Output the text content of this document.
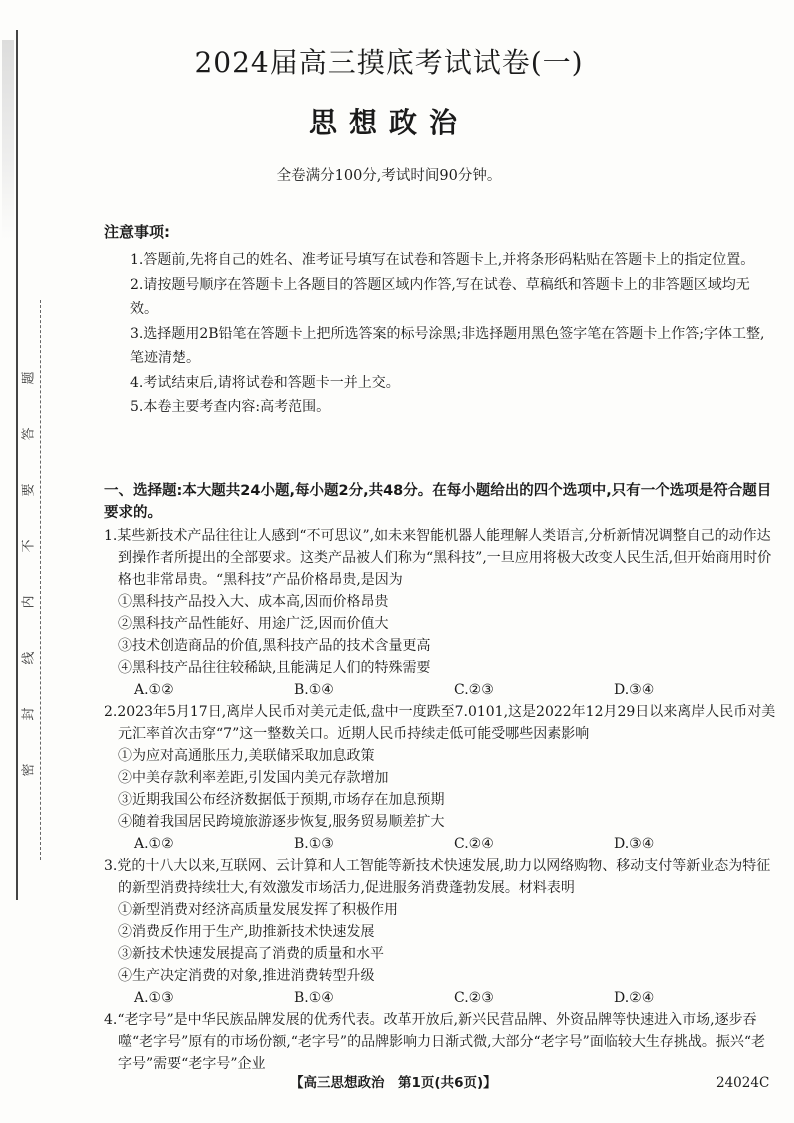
题
答
要
不
内
线
封
密
2024届高三摸底考试试卷(一)
思想政治
全卷满分100分,考试时间90分钟。
注意事项:
1.答题前,先将自己的姓名、准考证号填写在试卷和答题卡上,并将条形码粘贴在答题卡上的指定位置。
2.请按题号顺序在答题卡上各题目的答题区域内作答,写在试卷、草稿纸和答题卡上的非答题区域均无效。
3.选择题用2B铅笔在答题卡上把所选答案的标号涂黑;非选择题用黑色签字笔在答题卡上作答;字体工整,笔迹清楚。
4.考试结束后,请将试卷和答题卡一并上交。
5.本卷主要考查内容:高考范围。
一、选择题:本大题共24小题,每小题2分,共48分。在每小题给出的四个选项中,只有一个选项是符合题目要求的。
1.某些新技术产品往往让人感到“不可思议”,如未来智能机器人能理解人类语言,分析新情况调整自己的动作达到操作者所提出的全部要求。这类产品被人们称为“黑科技”,一旦应用将极大改变人民生活,但开始商用时价格也非常昂贵。“黑科技”产品价格昂贵,是因为
①黑科技产品投入大、成本高,因而价格昂贵
②黑科技产品性能好、用途广泛,因而价值大
③技术创造商品的价值,黑科技产品的技术含量更高
④黑科技产品往往较稀缺,且能满足人们的特殊需要
A.①②	B.①④	C.②③	D.③④
2.2023年5月17日,离岸人民币对美元走低,盘中一度跌至7.0101,这是2022年12月29日以来离岸人民币对美元汇率首次击穿“7”这一整数关口。近期人民币持续走低可能受哪些因素影响
①为应对高通胀压力,美联储采取加息政策
②中美存款利率差距,引发国内美元存款增加
③近期我国公布经济数据低于预期,市场存在加息预期
④随着我国居民跨境旅游逐步恢复,服务贸易顺差扩大
A.①②	B.①③	C.②④	D.③④
3.党的十八大以来,互联网、云计算和人工智能等新技术快速发展,助力以网络购物、移动支付等新业态为特征的新型消费持续壮大,有效激发市场活力,促进服务消费蓬勃发展。材料表明
①新型消费对经济高质量发展发挥了积极作用
②消费反作用于生产,助推新技术快速发展
③新技术快速发展提高了消费的质量和水平
④生产决定消费的对象,推进消费转型升级
A.①③	B.①④	C.②③	D.②④
4.“老字号”是中华民族品牌发展的优秀代表。改革开放后,新兴民营品牌、外资品牌等快速进入市场,逐步吞噬“老字号”原有的市场份额,“老字号”的品牌影响力日渐式微,大部分“老字号”面临较大生存挑战。振兴“老字号”需要“老字号”企业
【高三思想政治　第1页(共6页)】	24024C
